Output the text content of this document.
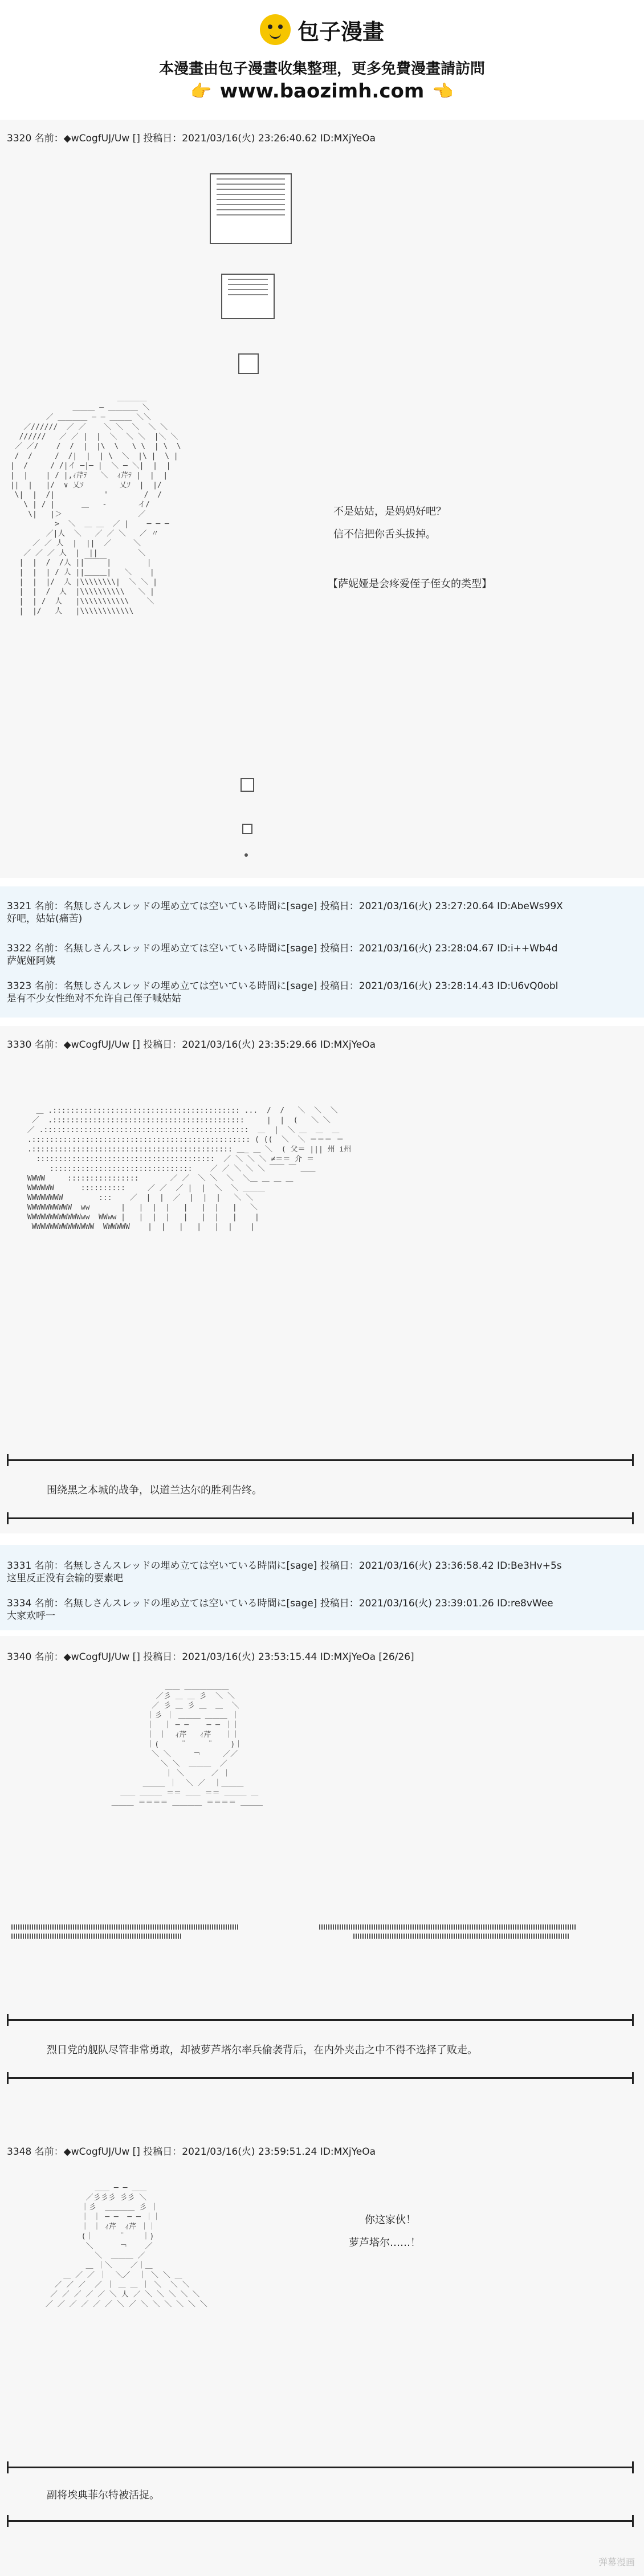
包子漫畫
本漫畫由包子漫畫收集整理，更多免費漫畫請訪問
👉 www.baozimh.com 👈
3320 名前：◆wCogfUJ/Uw [] 投稿日：2021/03/16(火) 23:26:40.62 ID:MXjYeOa
＿＿＿＿
＿＿＿ ─ ＿＿＿＿ ＼
／ ＿＿＿＿ ─ ─ ＿＿＿ ＼＼
／//////  ／ ／    ＼ ＼  ＼  ＼ ＼
//////   ／ ／ |  |  ＼  ＼ ＼  |＼ ＼
／ ／/    /  /  |  |\  \   \ \  | \  \
/  /     /  /|  |  | \  ＼  |\ |  \ |
|  /     / /|イ ─|─ |  ＼ ─ ＼|  |  |
|  |    | / |,ｨ芹ﾃ   ＼  ｨ芹ﾃ |  |  |
||  |   |/  ∨ 乂ｿ        乂ｿ  |  |/
\|  |  /|           '        /  /
\ | / |      ＿   ‐       イ/
\|   |＞                 ／
>  ＼  ＿ ＿  ／ |    ─ ─ ─
／|人  ＼   ／ ／ ＼   ／ 〃
／ ／ 人  |  ||  ／     ＼
／ ／ ／ 人  |  ||         ＼
|  |  /  /人 ||￣￣￣|        |
|  |  | / 人 ||＿＿＿|   ＼    |
|  |  |/  人 |\\\\\\\\|  ＼ ＼ |
|  |  /  人  |\\\\\\\\\\   ＼ |
|  | /  人   |\\\\\\\\\\\    ＼
|  |/   人   |\\\\\\\\\\\\
不是姑姑，是妈妈好吧？
信不信把你舌头拔掉。
【萨妮娅是会疼爱侄子侄女的类型】
3321 名前：名無しさんスレッドの埋め立ては空いている時間に[sage] 投稿日：2021/03/16(火) 23:27:20.64 ID:AbeWs99X
好吧，姑姑(痛苦)
3322 名前：名無しさんスレッドの埋め立ては空いている時間に[sage] 投稿日：2021/03/16(火) 23:28:04.67 ID:i++Wb4d
萨妮娅阿姨
3323 名前：名無しさんスレッドの埋め立ては空いている時間に[sage] 投稿日：2021/03/16(火) 23:28:14.43 ID:U6vQ0obl
是有不少女性绝对不允许自己侄子喊姑姑
3330 名前：◆wCogfUJ/Uw [] 投稿日：2021/03/16(火) 23:35:29.66 ID:MXjYeOa
＿ .:::::::::::::::::::::::::::::::::::::::::: ...  /  /   ＼  ＼  ＼
／  .:::::::::::::::::::::::::::::::::::::::::::     |  |  (   ＼ ＼
／ .::::::::::::::::::::::::::::::::::::::::::::::  ＿  |  ＼ ＿  ＿  ＿
.::::::::::::::::::::::::::::::::::::::::::::::::: ( ((  ＼  ＼ ＝＝＝ ＝
.::::::::::::::::::::::::::::::::::::::::::::: ＿_ ＿ ＼  ( 父＝ ||| 州 i州
::::::::::::::::::::::::::::::::::::::::  ／ ＼ ＼ ＼ ≠＝＝ 介 ＝
::::::::::::::::::::::::::::::::    ／ ／ ＼ ＼ ＼ ￣￣ ￣ ＿＿
WWWW     ::::::::::::::::       ／ ／  ＼ ＼  ＼  ＼＿ ＿ ＿ ＿
WWWWWW      ::::::::::     ／ ／  ／ |  |  ＼  ＼ ＿＿＿
WWWWWWWW        :::    ／  |  |  ／  |  |  |   ＼ ＼
WWWWWWWWWW  ww       |   |  |  |   |   |  |   |   ＼
WWWWWWWWWWWWww  WWww |   |  |  |   |   |  |   |    |
WWWWWWWWWWWWWW  WWWWWW    |  |   |   |   |  |    |
围绕黑之本城的战争，以道兰达尔的胜利告终。
3331 名前：名無しさんスレッドの埋め立ては空いている時間に[sage] 投稿日：2021/03/16(火) 23:36:58.42 ID:Be3Hv+5s
这里反正没有会输的要素吧
3334 名前：名無しさんスレッドの埋め立ては空いている時間に[sage] 投稿日：2021/03/16(火) 23:39:01.26 ID:re8vWee
大家欢呼一
3340 名前：◆wCogfUJ/Uw [] 投稿日：2021/03/16(火) 23:53:15.44 ID:MXjYeOa [26/26]
＿＿ ＿＿＿＿＿＿
／彡 ＿ ＿ 彡  ＼ ＼
／ 彡 ＿ 彡 ＿  ＿  ＼
｜彡 ｜ ＿＿＿ ＿＿＿ ｜
｜  ｜ ─ ─    ─ ─ ｜｜
｜ ｜  ｨ芹   ｨ芹   ｜｜
｜(     ¨     ¨    )｜
＼ ＼     ￢     ／／
＼ ＼  ＿＿＿  ／
｜ ＼      ／ ｜
＿＿＿ ｜  ＼ ／  ｜＿＿＿
＿＿ ＿＿＿ ＝＝ ＿＿ ＝＝ ＿＿＿ ＿
＿＿＿ ＝＝＝＝ ＿＿＿＿ ＝＝＝＝ ＿＿＿
烈日党的舰队尽管非常勇敢，却被萝芦塔尔率兵偷袭背后，在内外夹击之中不得不选择了败走。
3348 名前：◆wCogfUJ/Uw [] 投稿日：2021/03/16(火) 23:59:51.24 ID:MXjYeOa
＿＿ ─ ─ ＿＿
／彡彡彡 彡彡 ＼
｜彡  ＿＿＿＿ 彡 ｜
｜ ｜ ─ ─  ─ ─ ｜｜
｜ ｜ ｨ芹  ｨ芹 ｜｜
(｜      ¨    ｜)
＼      ￢    ／
＼  ＿＿＿ ／
＿ ｜＼    ／｜＿
＿ ／ ／ ｜  ＼／  ｜ ＼ ＼ ＿
／ ／ ／  ／ ｜ ＿ ＿ ｜ ＼  ＼ ＼
／ ／ ／ ／ ／ ＼ 人 ／ ＼ ＼ ＼ ＼ ＼
／ ／ ／ ／ ／ ／ ＼ ／ ＼ ＼ ＼ ＼ ＼ ＼
你这家伙！
萝芦塔尔……！
副将埃典菲尔特被活捉。
弹幕漫画
